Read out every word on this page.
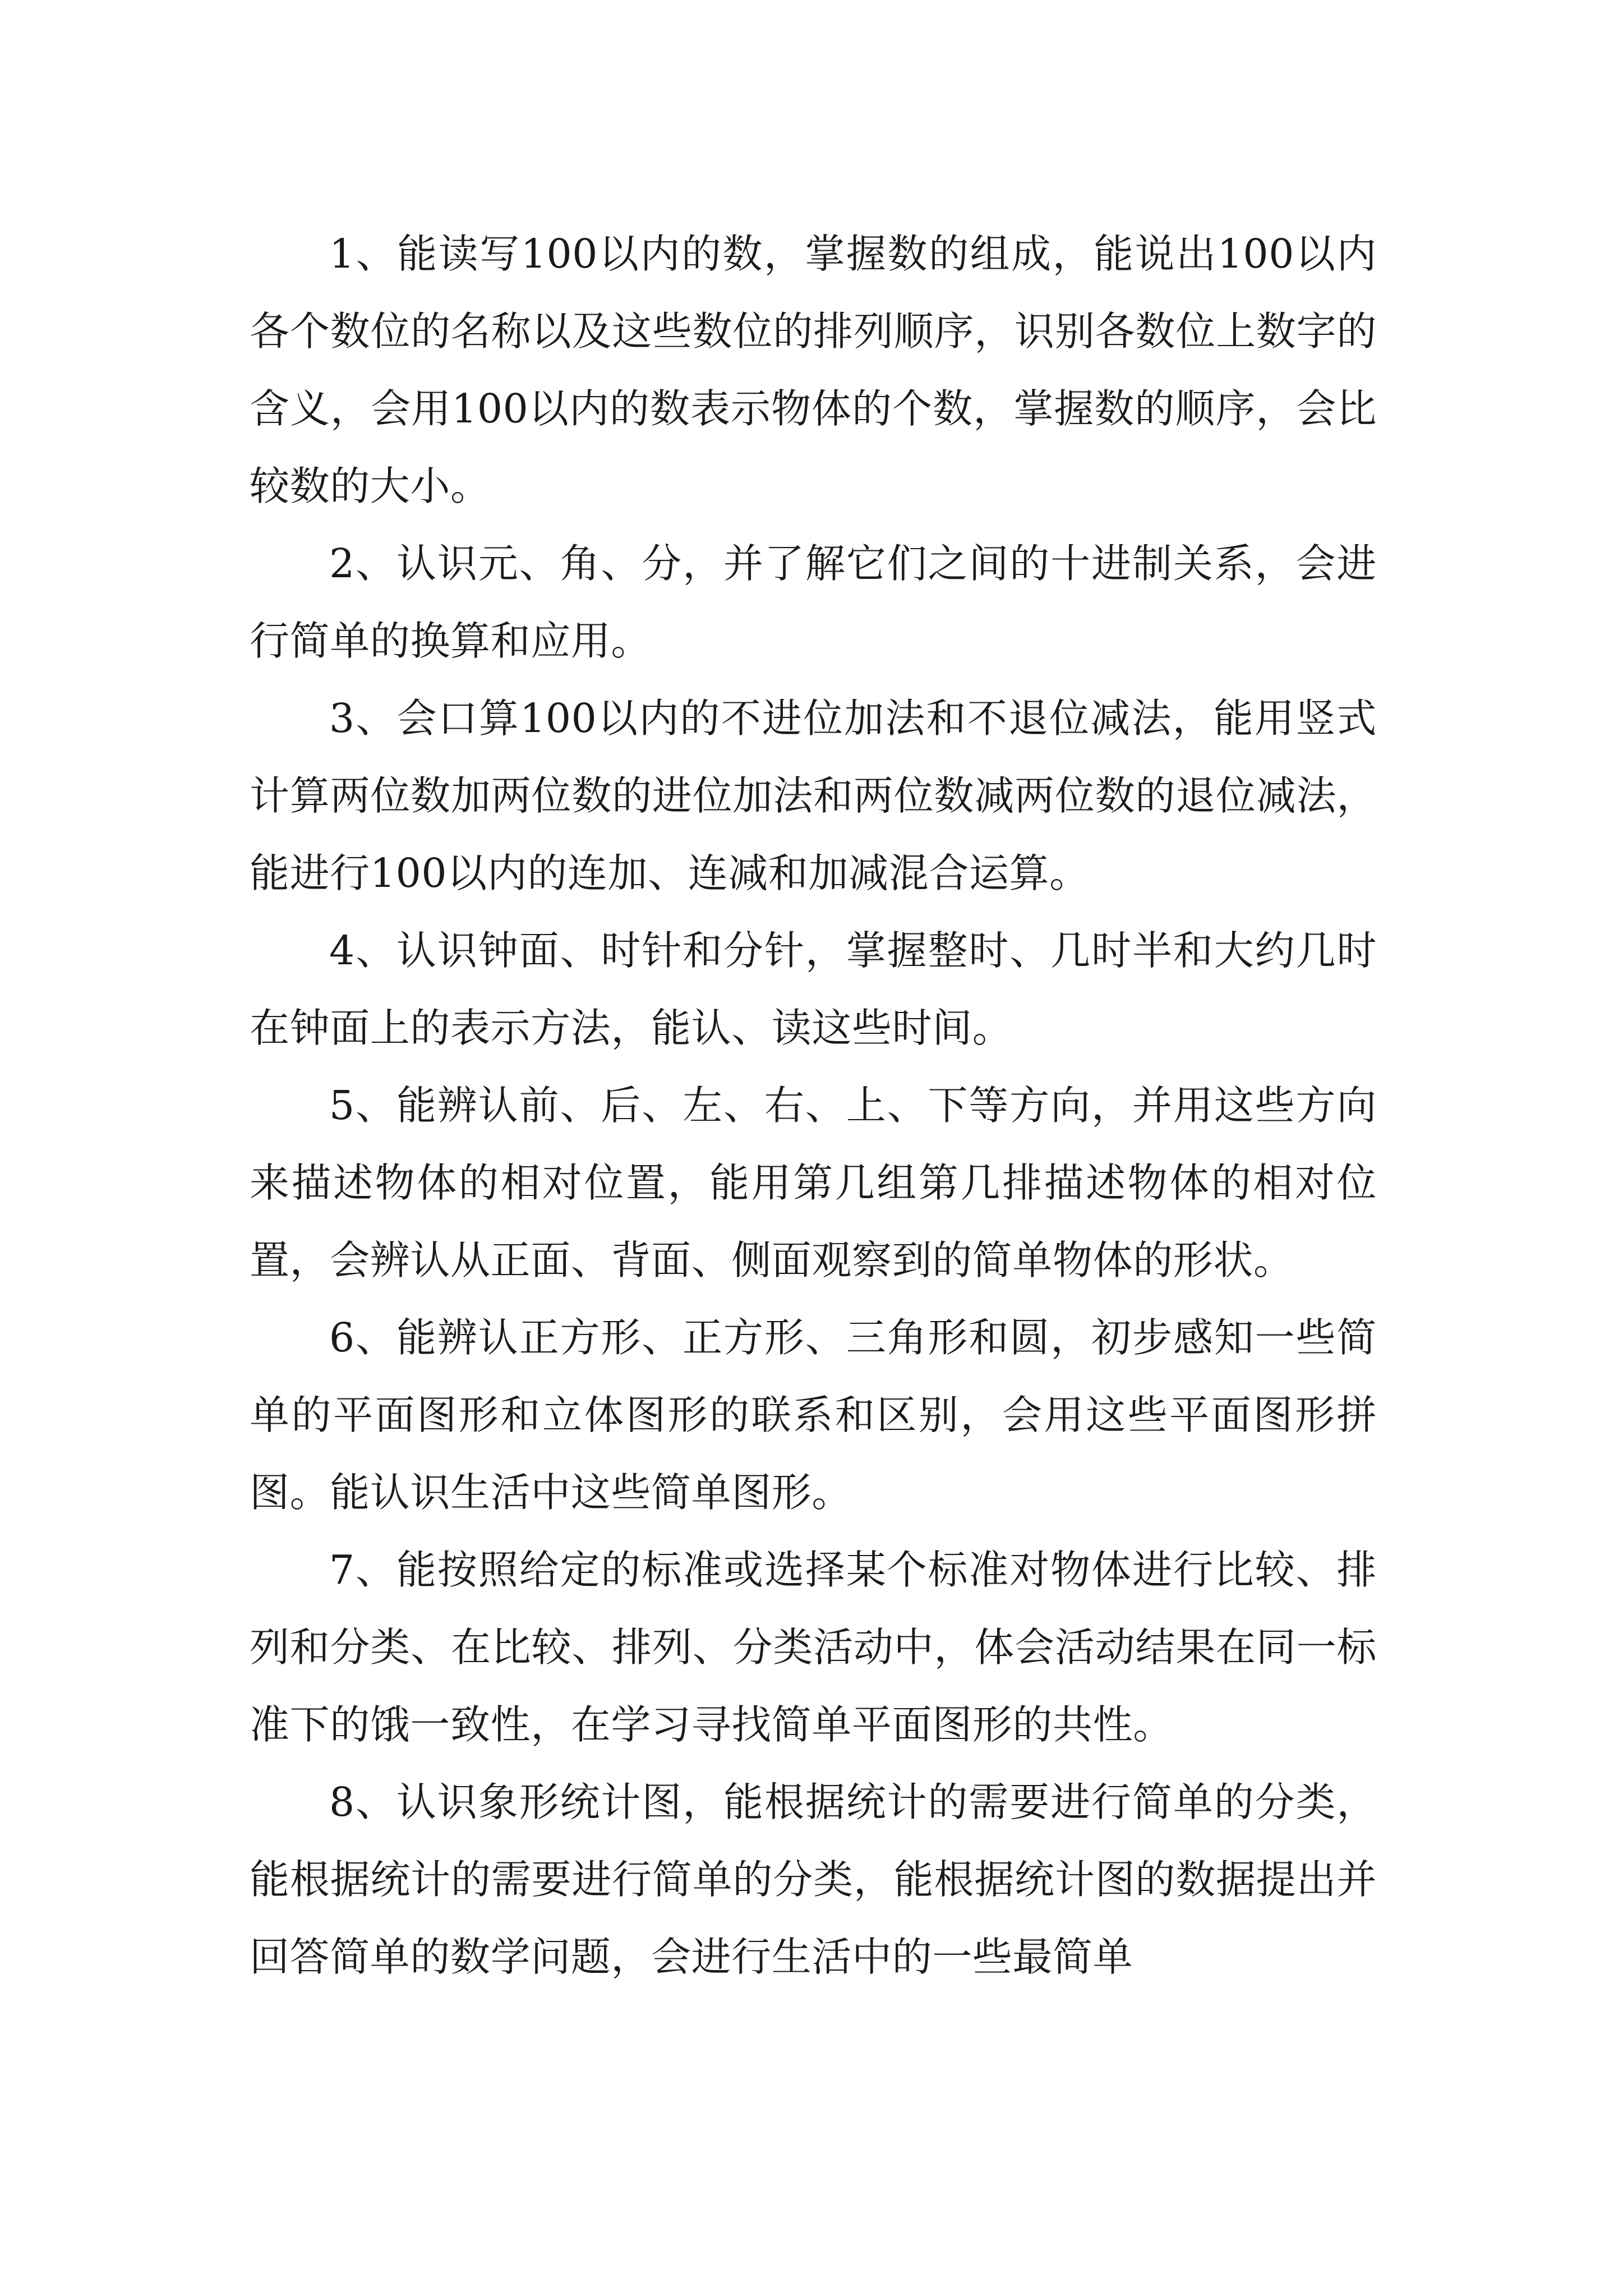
1、能读写100以内的数，掌握数的组成，能说出100以内各个数位的名称以及这些数位的排列顺序，识别各数位上数字的含义，会用100以内的数表示物体的个数，掌握数的顺序，会比较数的大小。

2、认识元、角、分，并了解它们之间的十进制关系，会进行简单的换算和应用。

3、会口算100以内的不进位加法和不退位减法，能用竖式计算两位数加两位数的进位加法和两位数减两位数的退位减法，能进行100以内的连加、连减和加减混合运算。

4、认识钟面、时针和分针，掌握整时、几时半和大约几时在钟面上的表示方法，能认、读这些时间。

5、能辨认前、后、左、右、上、下等方向，并用这些方向来描述物体的相对位置，能用第几组第几排描述物体的相对位置，会辨认从正面、背面、侧面观察到的简单物体的形状。

6、能辨认正方形、正方形、三角形和圆，初步感知一些简单的平面图形和立体图形的联系和区别，会用这些平面图形拼图。能认识生活中这些简单图形。

7、能按照给定的标准或选择某个标准对物体进行比较、排列和分类、在比较、排列、分类活动中，体会活动结果在同一标准下的饿一致性，在学习寻找简单平面图形的共性。

8、认识象形统计图，能根据统计的需要进行简单的分类，能根据统计的需要进行简单的分类，能根据统计图的数据提出并回答简单的数学问题，会进行生活中的一些最简单
